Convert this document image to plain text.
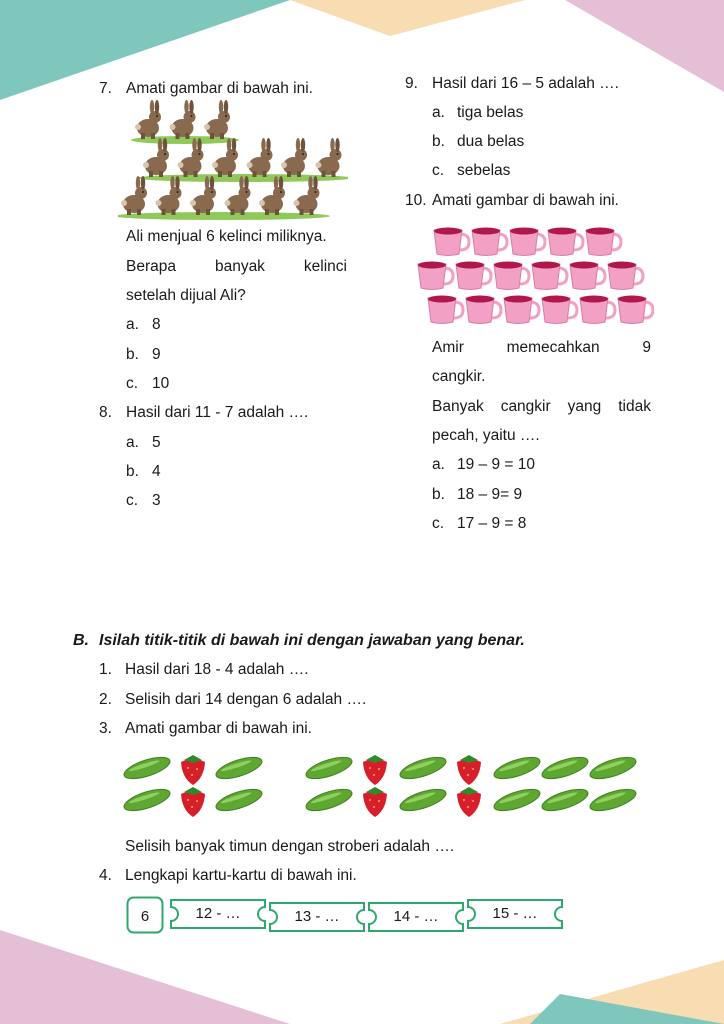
7. Amati gambar di bawah ini.
Ali menjual 6 kelinci miliknya.
Berapa	banyak	kelinci
setelah dijual Ali?
a. 8
b. 9
c. 10
8. Hasil dari 11 - 7 adalah ….
a. 5
b. 4
c. 3
9. Hasil dari 16 – 5 adalah ….
a. tiga belas
b. dua belas
c. sebelas
10. Amati gambar di bawah ini.
Amir	memecahkan	9
cangkir.
Banyak cangkir yang tidak
pecah, yaitu ….
a. 19 – 9 = 10
b. 18 – 9= 9
c. 17 – 9 = 8
B. Isilah titik-titik di bawah ini dengan jawaban yang benar.
1. Hasil dari 18 - 4 adalah ….
2. Selisih dari 14 dengan 6 adalah ….
3. Amati gambar di bawah ini.
Selisih banyak timun dengan stroberi adalah ….
4. Lengkapi kartu-kartu di bawah ini.
6	12 - …	13 - …	14 - …	15 - …
